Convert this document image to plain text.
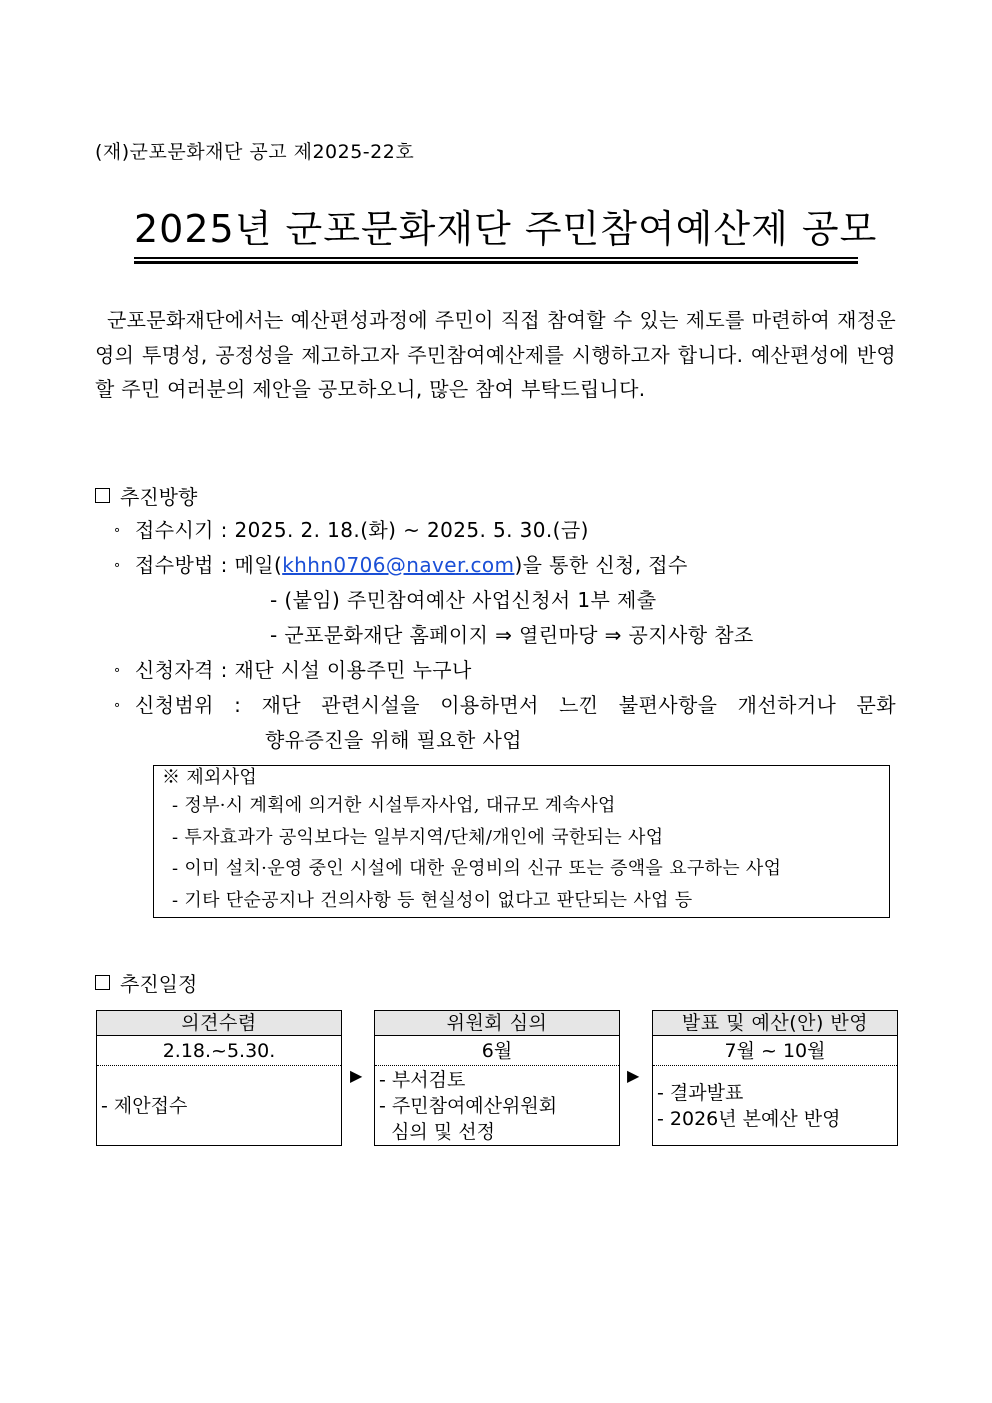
(재)군포문화재단 공고 제2025-22호
2025년 군포문화재단 주민참여예산제 공모
군포문화재단에서는 예산편성과정에 주민이 직접 참여할 수 있는 제도를 마련하여 재정운영의 투명성, 공정성을 제고하고자 주민참여예산제를 시행하고자 합니다. 예산편성에 반영할 주민 여러분의 제안을 공모하오니, 많은 참여 부탁드립니다.
추진방향
∘ 접수시기 : 2025. 2. 18.(화) ~ 2025. 5. 30.(금)
∘ 접수방법 : 메일(khhn0706@naver.com)을 통한 신청, 접수
- (붙임) 주민참여예산 사업신청서 1부 제출
- 군포문화재단 홈페이지 ⇒ 열린마당 ⇒ 공지사항 참조
∘ 신청자격 : 재단 시설 이용주민 누구나
∘ 신청범위 : 재단 관련시설을 이용하면서 느낀 불편사항을 개선하거나 문화
향유증진을 위해 필요한 사업
※ 제외사업
- 정부·시 계획에 의거한 시설투자사업, 대규모 계속사업
- 투자효과가 공익보다는 일부지역/단체/개인에 국한되는 사업
- 이미 설치·운영 중인 시설에 대한 운영비의 신규 또는 증액을 요구하는 사업
- 기타 단순공지나 건의사항 등 현실성이 없다고 판단되는 사업 등
추진일정
의견수렴
2.18.~5.30.
- 제안접수
▶
위원회 심의
6월
- 부서검토
- 주민참여예산위원회
심의 및 선정
▶
발표 및 예산(안) 반영
7월 ~ 10월
- 결과발표
- 2026년 본예산 반영
